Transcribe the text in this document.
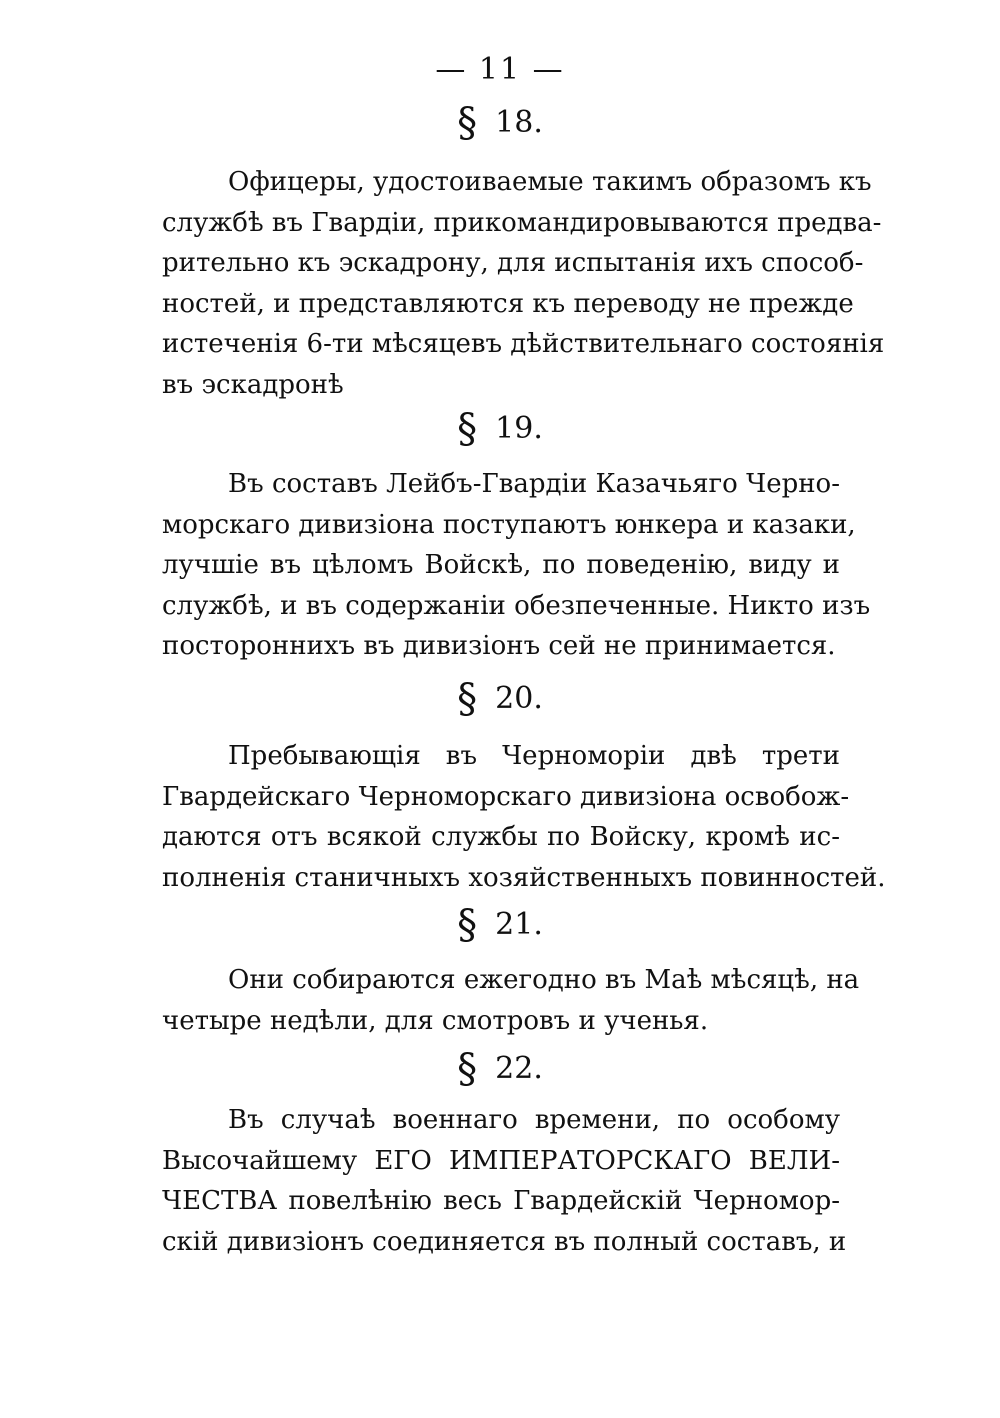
— 11 —
§ 18.
Офицеры, удостоиваемые такимъ образомъ къ
службѣ въ Гвардіи, прикомандировываются предва-
рительно къ эскадрону, для испытанія ихъ способ-
ностей, и представляются къ переводу не прежде
истеченія 6-ти мѣсяцевъ дѣйствительнаго состоянія
въ эскадронѣ
§ 19.
Въ составъ Лейбъ-Гвардіи Казачьяго Черно-
морскаго дивизіона поступаютъ юнкера и казаки,
лучшіе въ цѣломъ Войскѣ, по поведенію, виду и
службѣ, и въ содержаніи обезпеченные. Никто изъ
постороннихъ въ дивизіонъ сей не принимается.
§ 20.
Пребывающія въ Черноморіи двѣ трети
Гвардейскаго Черноморскаго дивизіона освобож-
даются отъ всякой службы по Войску, кромѣ ис-
полненія станичныхъ хозяйственныхъ повинностей.
§ 21.
Они собираются ежегодно въ Маѣ мѣсяцѣ, на
четыре недѣли, для смотровъ и ученья.
§ 22.
Въ случаѣ военнаго времени, по особому
Высочайшему ЕГО ИМПЕРАТОРСКАГО ВЕЛИ-
ЧЕСТВА повелѣнію весь Гвардейскій Черномор-
скій дивизіонъ соединяется въ полный составъ, и
